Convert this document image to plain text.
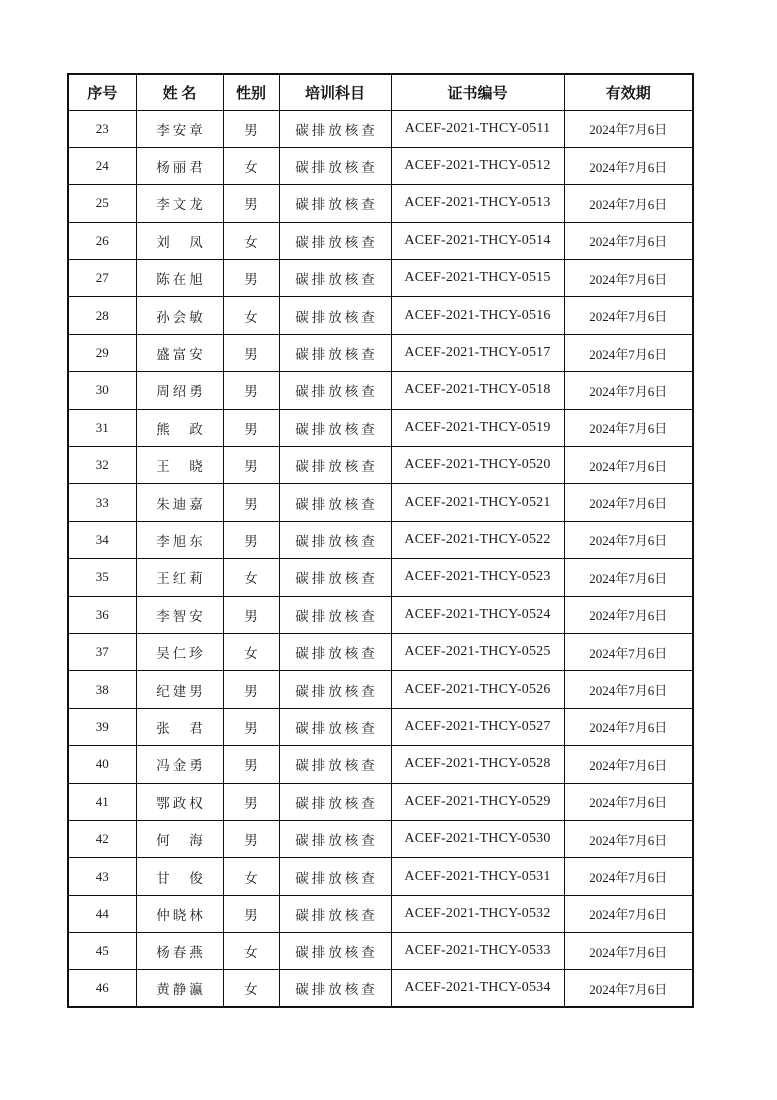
序号	姓 名	性别	培训科目	证书编号	有效期
23	李安章	男	碳排放核查	ACEF-2021-THCY-0511	2024年7月6日
24	杨丽君	女	碳排放核查	ACEF-2021-THCY-0512	2024年7月6日
25	李文龙	男	碳排放核查	ACEF-2021-THCY-0513	2024年7月6日
26	刘　凤	女	碳排放核查	ACEF-2021-THCY-0514	2024年7月6日
27	陈在旭	男	碳排放核查	ACEF-2021-THCY-0515	2024年7月6日
28	孙会敏	女	碳排放核查	ACEF-2021-THCY-0516	2024年7月6日
29	盛富安	男	碳排放核查	ACEF-2021-THCY-0517	2024年7月6日
30	周绍勇	男	碳排放核查	ACEF-2021-THCY-0518	2024年7月6日
31	熊　政	男	碳排放核查	ACEF-2021-THCY-0519	2024年7月6日
32	王　晓	男	碳排放核查	ACEF-2021-THCY-0520	2024年7月6日
33	朱迪嘉	男	碳排放核查	ACEF-2021-THCY-0521	2024年7月6日
34	李旭东	男	碳排放核查	ACEF-2021-THCY-0522	2024年7月6日
35	王红莉	女	碳排放核查	ACEF-2021-THCY-0523	2024年7月6日
36	李智安	男	碳排放核查	ACEF-2021-THCY-0524	2024年7月6日
37	吴仁珍	女	碳排放核查	ACEF-2021-THCY-0525	2024年7月6日
38	纪建男	男	碳排放核查	ACEF-2021-THCY-0526	2024年7月6日
39	张　君	男	碳排放核查	ACEF-2021-THCY-0527	2024年7月6日
40	冯金勇	男	碳排放核查	ACEF-2021-THCY-0528	2024年7月6日
41	鄂政权	男	碳排放核查	ACEF-2021-THCY-0529	2024年7月6日
42	何　海	男	碳排放核查	ACEF-2021-THCY-0530	2024年7月6日
43	甘　俊	女	碳排放核查	ACEF-2021-THCY-0531	2024年7月6日
44	仲晓林	男	碳排放核查	ACEF-2021-THCY-0532	2024年7月6日
45	杨春燕	女	碳排放核查	ACEF-2021-THCY-0533	2024年7月6日
46	黄静瀛	女	碳排放核查	ACEF-2021-THCY-0534	2024年7月6日
